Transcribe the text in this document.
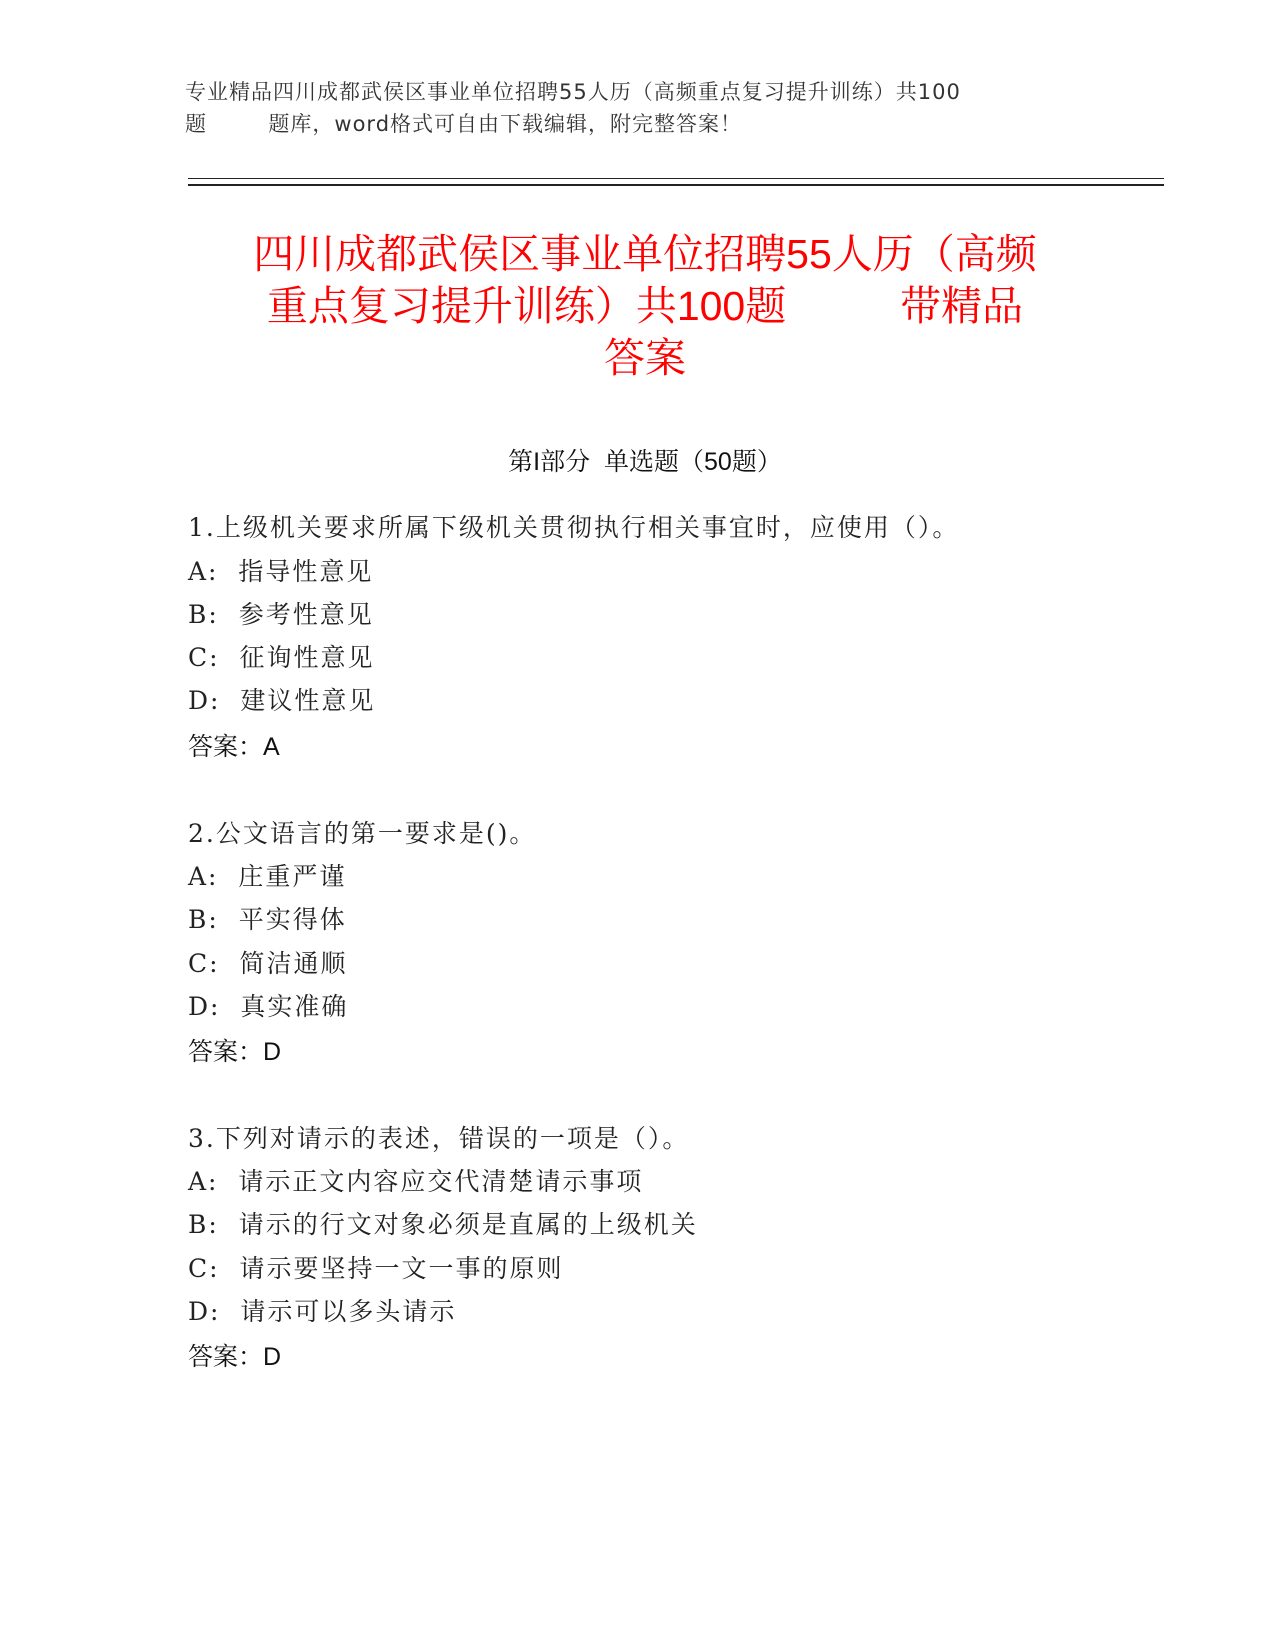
专业精品四川成都武侯区事业单位招聘55人历（高频重点复习提升训练）共100
题        题库，word格式可自由下载编辑，附完整答案！
四川成都武侯区事业单位招聘55人历（高频
重点复习提升训练）共100题          带精品
答案
第I部分  单选题（50题）
1.上级机关要求所属下级机关贯彻执行相关事宜时，应使用（）。
A:  指导性意见
B:  参考性意见
C:  征询性意见
D:  建议性意见
答案：A
2.公文语言的第一要求是()。
A:  庄重严谨
B:  平实得体
C:  简洁通顺
D:  真实准确
答案：D
3.下列对请示的表述，错误的一项是（）。
A:  请示正文内容应交代清楚请示事项
B:  请示的行文对象必须是直属的上级机关
C:  请示要坚持一文一事的原则
D:  请示可以多头请示
答案：D
